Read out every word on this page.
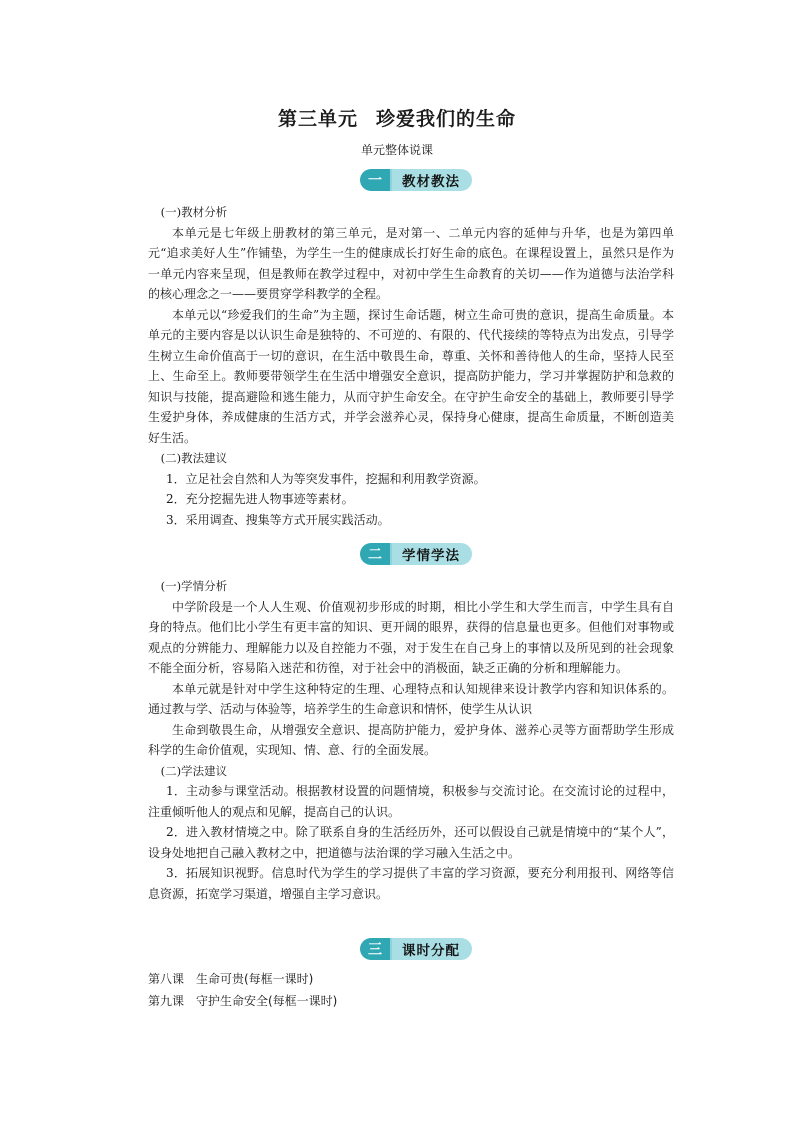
第三单元 珍爱我们的生命
单元整体说课
一	教材教法

(一)教材分析

本单元是七年级上册教材的第三单元，是对第一、二单元内容的延伸与升华，也是为第四单元“追求美好人生”作铺垫，为学生一生的健康成长打好生命的底色。在课程设置上，虽然只是作为一单元内容来呈现，但是教师在教学过程中，对初中学生生命教育的关切——作为道德与法治学科的核心理念之一——要贯穿学科教学的全程。

本单元以“珍爱我们的生命”为主题，探讨生命话题，树立生命可贵的意识，提高生命质量。本单元的主要内容是以认识生命是独特的、不可逆的、有限的、代代接续的等特点为出发点，引导学生树立生命价值高于一切的意识，在生活中敬畏生命，尊重、关怀和善待他人的生命，坚持人民至上、生命至上。教师要带领学生在生活中增强安全意识，提高防护能力，学习并掌握防护和急救的知识与技能，提高避险和逃生能力，从而守护生命安全。在守护生命安全的基础上，教师要引导学生爱护身体，养成健康的生活方式，并学会滋养心灵，保持身心健康，提高生命质量，不断创造美好生活。

(二)教法建议

1．立足社会自然和人为等突发事件，挖掘和利用教学资源。

2．充分挖掘先进人物事迹等素材。

3．采用调查、搜集等方式开展实践活动。

二	学情学法

(一)学情分析

中学阶段是一个人人生观、价值观初步形成的时期，相比小学生和大学生而言，中学生具有自身的特点。他们比小学生有更丰富的知识、更开阔的眼界，获得的信息量也更多。但他们对事物或观点的分辨能力、理解能力以及自控能力不强，对于发生在自己身上的事情以及所见到的社会现象不能全面分析，容易陷入迷茫和彷徨，对于社会中的消极面，缺乏正确的分析和理解能力。

本单元就是针对中学生这种特定的生理、心理特点和认知规律来设计教学内容和知识体系的。通过教与学、活动与体验等，培养学生的生命意识和情怀，使学生从认识

生命到敬畏生命，从增强安全意识、提高防护能力，爱护身体、滋养心灵等方面帮助学生形成科学的生命价值观，实现知、情、意、行的全面发展。

(二)学法建议

1．主动参与课堂活动。根据教材设置的问题情境，积极参与交流讨论。在交流讨论的过程中，注重倾听他人的观点和见解，提高自己的认识。

2．进入教材情境之中。除了联系自身的生活经历外，还可以假设自己就是情境中的“某个人”，设身处地把自己融入教材之中，把道德与法治课的学习融入生活之中。

3．拓展知识视野。信息时代为学生的学习提供了丰富的学习资源，要充分利用报刊、网络等信息资源，拓宽学习渠道，增强自主学习意识。

三	课时分配

第八课　生命可贵(每框一课时)

第九课　守护生命安全(每框一课时)
